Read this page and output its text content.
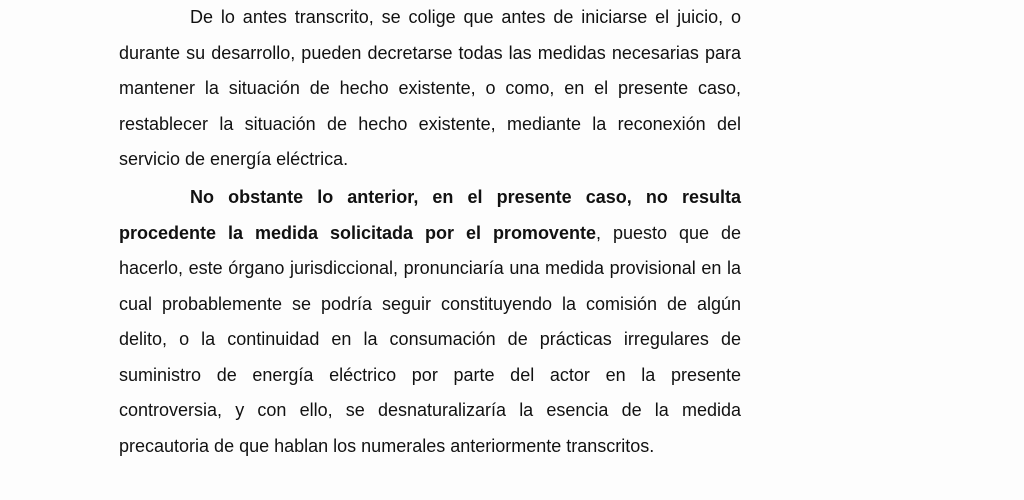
De lo antes transcrito, se colige que antes de iniciarse el juicio, o durante su desarrollo, pueden decretarse todas las medidas necesarias para mantener la situación de hecho existente, o como, en el presente caso, restablecer la situación de hecho existente, mediante la reconexión del servicio de energía eléctrica.

No obstante lo anterior, en el presente caso, no resulta procedente la medida solicitada por el promovente, puesto que de hacerlo, este órgano jurisdiccional, pronunciaría una medida provisional en la cual probablemente se podría seguir constituyendo la comisión de algún delito, o la continuidad en la consumación de prácticas irregulares de suministro de energía eléctrico por parte del actor en la presente controversia, y con ello, se desnaturalizaría la esencia de la medida precautoria de que hablan los numerales anteriormente transcritos.
